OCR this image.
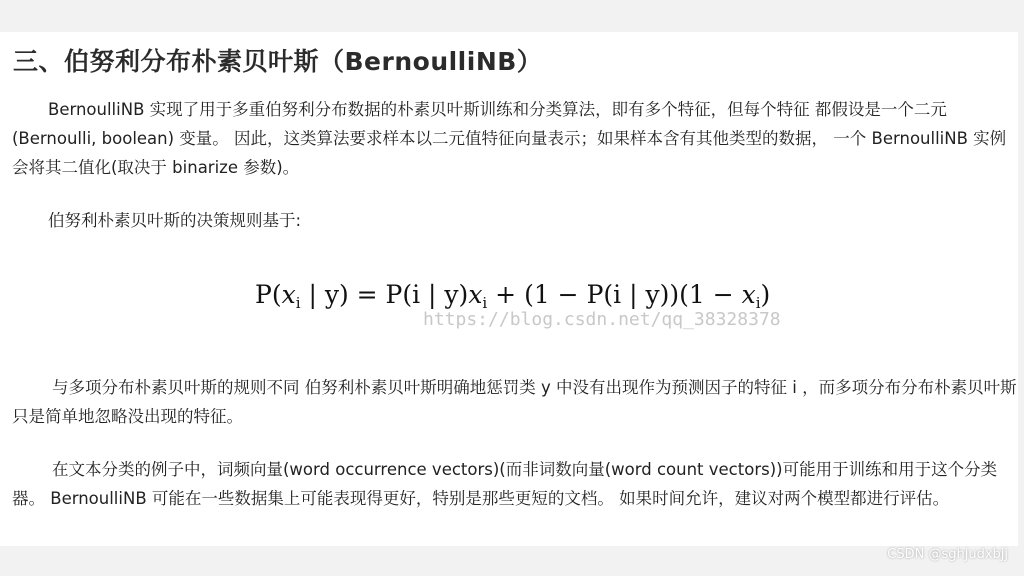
三、伯努利分布朴素贝叶斯（BernoulliNB）

BernoulliNB 实现了用于多重伯努利分布数据的朴素贝叶斯训练和分类算法，即有多个特征，但每个特征 都假设是一个二元 (Bernoulli, boolean) 变量。 因此，这类算法要求样本以二元值特征向量表示；如果样本含有其他类型的数据， 一个 BernoulliNB 实例会将其二值化(取决于 binarize 参数)。

伯努利朴素贝叶斯的决策规则基于:

$P(x_i$ | y) = P(i | $y)x_i + (1 - P(i$ | $y))(1 - x_i)$
https://blog.csdn.net/qq_38328378

与多项分布朴素贝叶斯的规则不同 伯努利朴素贝叶斯明确地惩罚类 y 中没有出现作为预测因子的特征 i ，而多项分布分布朴素贝叶斯只是简单地忽略没出现的特征。

在文本分类的例子中，词频向量(word occurrence vectors)(而非词数向量(word count vectors))可能用于训练和用于这个分类器。 BernoulliNB 可能在一些数据集上可能表现得更好，特别是那些更短的文档。 如果时间允许，建议对两个模型都进行评估。

CSDN @sghjudxbjj
